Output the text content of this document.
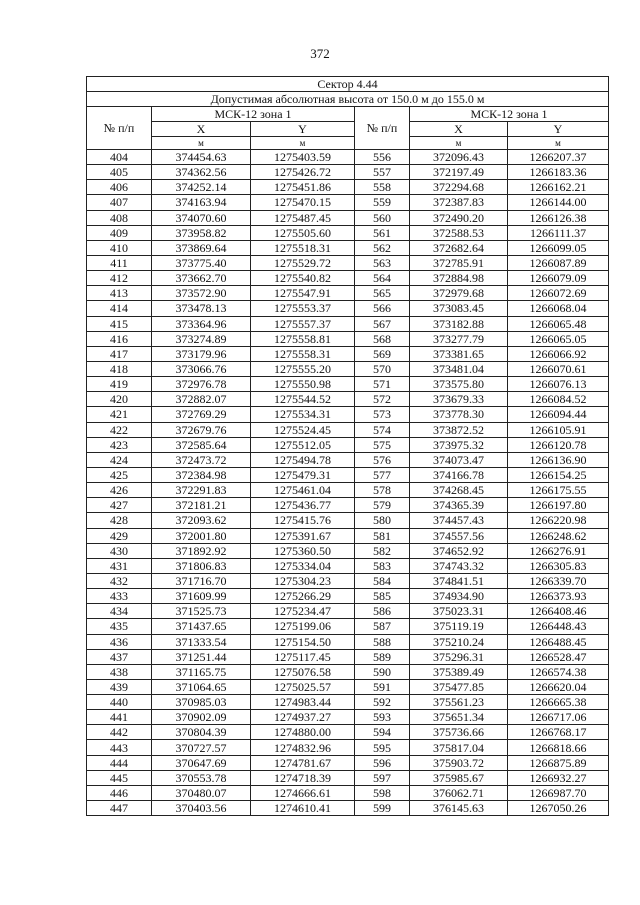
372
Сектор 4.44					
Допустимая абсолютная высота от 150.0 м до 155.0 м					
№ п/п	МСК-12 зона 1		№ п/п	МСК-12 зона 1	
	X	Y		X	Y
	м	м		м	м
404	374454.63	1275403.59	556	372096.43	1266207.37
405	374362.56	1275426.72	557	372197.49	1266183.36
406	374252.14	1275451.86	558	372294.68	1266162.21
407	374163.94	1275470.15	559	372387.83	1266144.00
408	374070.60	1275487.45	560	372490.20	1266126.38
409	373958.82	1275505.60	561	372588.53	1266111.37
410	373869.64	1275518.31	562	372682.64	1266099.05
411	373775.40	1275529.72	563	372785.91	1266087.89
412	373662.70	1275540.82	564	372884.98	1266079.09
413	373572.90	1275547.91	565	372979.68	1266072.69
414	373478.13	1275553.37	566	373083.45	1266068.04
415	373364.96	1275557.37	567	373182.88	1266065.48
416	373274.89	1275558.81	568	373277.79	1266065.05
417	373179.96	1275558.31	569	373381.65	1266066.92
418	373066.76	1275555.20	570	373481.04	1266070.61
419	372976.78	1275550.98	571	373575.80	1266076.13
420	372882.07	1275544.52	572	373679.33	1266084.52
421	372769.29	1275534.31	573	373778.30	1266094.44
422	372679.76	1275524.45	574	373872.52	1266105.91
423	372585.64	1275512.05	575	373975.32	1266120.78
424	372473.72	1275494.78	576	374073.47	1266136.90
425	372384.98	1275479.31	577	374166.78	1266154.25
426	372291.83	1275461.04	578	374268.45	1266175.55
427	372181.21	1275436.77	579	374365.39	1266197.80
428	372093.62	1275415.76	580	374457.43	1266220.98
429	372001.80	1275391.67	581	374557.56	1266248.62
430	371892.92	1275360.50	582	374652.92	1266276.91
431	371806.83	1275334.04	583	374743.32	1266305.83
432	371716.70	1275304.23	584	374841.51	1266339.70
433	371609.99	1275266.29	585	374934.90	1266373.93
434	371525.73	1275234.47	586	375023.31	1266408.46
435	371437.65	1275199.06	587	375119.19	1266448.43
436	371333.54	1275154.50	588	375210.24	1266488.45
437	371251.44	1275117.45	589	375296.31	1266528.47
438	371165.75	1275076.58	590	375389.49	1266574.38
439	371064.65	1275025.57	591	375477.85	1266620.04
440	370985.03	1274983.44	592	375561.23	1266665.38
441	370902.09	1274937.27	593	375651.34	1266717.06
442	370804.39	1274880.00	594	375736.66	1266768.17
443	370727.57	1274832.96	595	375817.04	1266818.66
444	370647.69	1274781.67	596	375903.72	1266875.89
445	370553.78	1274718.39	597	375985.67	1266932.27
446	370480.07	1274666.61	598	376062.71	1266987.70
447	370403.56	1274610.41	599	376145.63	1267050.26
